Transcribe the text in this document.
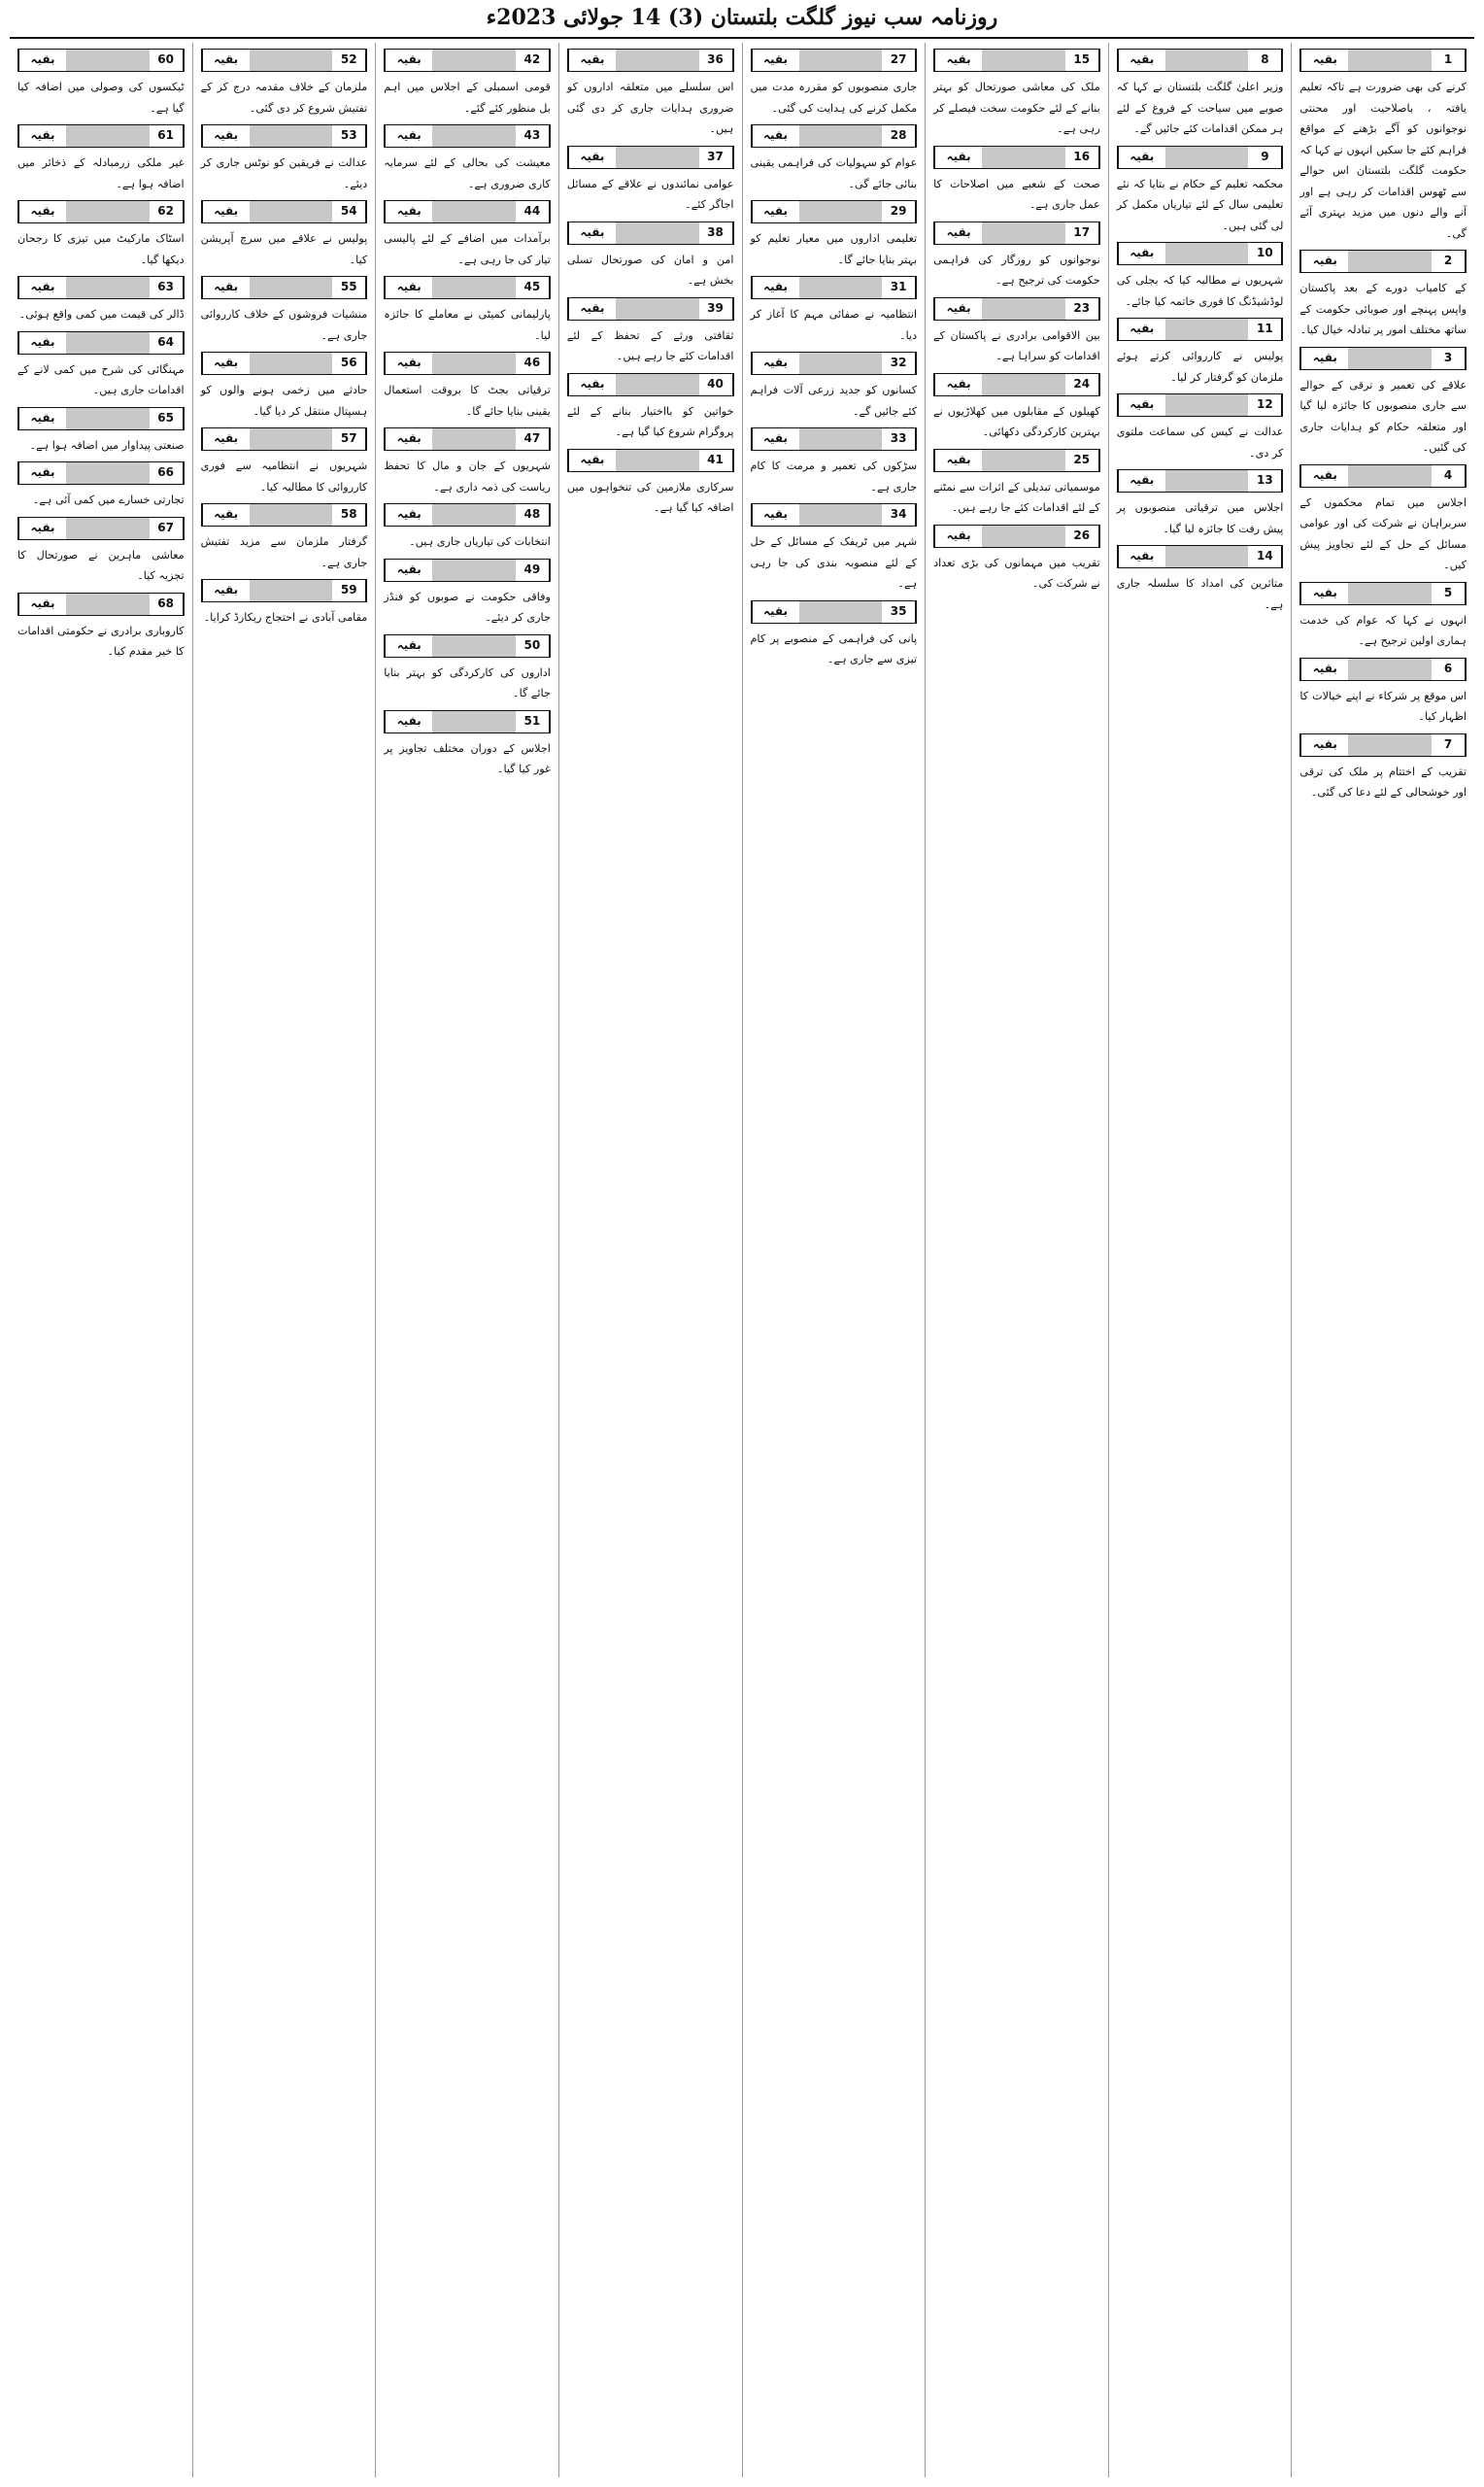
روزنامہ سب نیوز گلگت بلتستان (3) 14 جولائی 2023ء
بقیہ	1
کرنے کی بھی ضرورت ہے تاکہ تعلیم یافتہ ، باصلاحیت اور محنتی نوجوانوں کو آگے بڑھنے کے مواقع فراہم کئے جا سکیں انہوں نے کہا کہ حکومت گلگت بلتستان اس حوالے سے ٹھوس اقدامات کر رہی ہے اور آنے والے دنوں میں مزید بہتری آئے گی۔
بقیہ	2
کے کامیاب دورے کے بعد پاکستان واپس پہنچے اور صوبائی حکومت کے ساتھ مختلف امور پر تبادلہ خیال کیا۔
بقیہ	3
علاقے کی تعمیر و ترقی کے حوالے سے جاری منصوبوں کا جائزہ لیا گیا اور متعلقہ حکام کو ہدایات جاری کی گئیں۔
بقیہ	4
اجلاس میں تمام محکموں کے سربراہان نے شرکت کی اور عوامی مسائل کے حل کے لئے تجاویز پیش کیں۔
بقیہ	5
انہوں نے کہا کہ عوام کی خدمت ہماری اولین ترجیح ہے۔
بقیہ	6
اس موقع پر شرکاء نے اپنے خیالات کا اظہار کیا۔
بقیہ	7
تقریب کے اختتام پر ملک کی ترقی اور خوشحالی کے لئے دعا کی گئی۔
بقیہ	8
وزیر اعلیٰ گلگت بلتستان نے کہا کہ صوبے میں سیاحت کے فروغ کے لئے ہر ممکن اقدامات کئے جائیں گے۔
بقیہ	9
محکمہ تعلیم کے حکام نے بتایا کہ نئے تعلیمی سال کے لئے تیاریاں مکمل کر لی گئی ہیں۔
بقیہ	10
شہریوں نے مطالبہ کیا کہ بجلی کی لوڈشیڈنگ کا فوری خاتمہ کیا جائے۔
بقیہ	11
پولیس نے کارروائی کرتے ہوئے ملزمان کو گرفتار کر لیا۔
بقیہ	12
عدالت نے کیس کی سماعت ملتوی کر دی۔
بقیہ	13
اجلاس میں ترقیاتی منصوبوں پر پیش رفت کا جائزہ لیا گیا۔
بقیہ	14
متاثرین کی امداد کا سلسلہ جاری ہے۔
بقیہ	15
ملک کی معاشی صورتحال کو بہتر بنانے کے لئے حکومت سخت فیصلے کر رہی ہے۔
بقیہ	16
صحت کے شعبے میں اصلاحات کا عمل جاری ہے۔
بقیہ	17
نوجوانوں کو روزگار کی فراہمی حکومت کی ترجیح ہے۔
بقیہ	23
بین الاقوامی برادری نے پاکستان کے اقدامات کو سراہا ہے۔
بقیہ	24
کھیلوں کے مقابلوں میں کھلاڑیوں نے بہترین کارکردگی دکھائی۔
بقیہ	25
موسمیاتی تبدیلی کے اثرات سے نمٹنے کے لئے اقدامات کئے جا رہے ہیں۔
بقیہ	26
تقریب میں مہمانوں کی بڑی تعداد نے شرکت کی۔
بقیہ	27
جاری منصوبوں کو مقررہ مدت میں مکمل کرنے کی ہدایت کی گئی۔
بقیہ	28
عوام کو سہولیات کی فراہمی یقینی بنائی جائے گی۔
بقیہ	29
تعلیمی اداروں میں معیار تعلیم کو بہتر بنایا جائے گا۔
بقیہ	31
انتظامیہ نے صفائی مہم کا آغاز کر دیا۔
بقیہ	32
کسانوں کو جدید زرعی آلات فراہم کئے جائیں گے۔
بقیہ	33
سڑکوں کی تعمیر و مرمت کا کام جاری ہے۔
بقیہ	34
شہر میں ٹریفک کے مسائل کے حل کے لئے منصوبہ بندی کی جا رہی ہے۔
بقیہ	35
پانی کی فراہمی کے منصوبے پر کام تیزی سے جاری ہے۔
بقیہ	36
اس سلسلے میں متعلقہ اداروں کو ضروری ہدایات جاری کر دی گئی ہیں۔
بقیہ	37
عوامی نمائندوں نے علاقے کے مسائل اجاگر کئے۔
بقیہ	38
امن و امان کی صورتحال تسلی بخش ہے۔
بقیہ	39
ثقافتی ورثے کے تحفظ کے لئے اقدامات کئے جا رہے ہیں۔
بقیہ	40
خواتین کو بااختیار بنانے کے لئے پروگرام شروع کیا گیا ہے۔
بقیہ	41
سرکاری ملازمین کی تنخواہوں میں اضافہ کیا گیا ہے۔
بقیہ	42
قومی اسمبلی کے اجلاس میں اہم بل منظور کئے گئے۔
بقیہ	43
معیشت کی بحالی کے لئے سرمایہ کاری ضروری ہے۔
بقیہ	44
برآمدات میں اضافے کے لئے پالیسی تیار کی جا رہی ہے۔
بقیہ	45
پارلیمانی کمیٹی نے معاملے کا جائزہ لیا۔
بقیہ	46
ترقیاتی بجٹ کا بروقت استعمال یقینی بنایا جائے گا۔
بقیہ	47
شہریوں کے جان و مال کا تحفظ ریاست کی ذمہ داری ہے۔
بقیہ	48
انتخابات کی تیاریاں جاری ہیں۔
بقیہ	49
وفاقی حکومت نے صوبوں کو فنڈز جاری کر دیئے۔
بقیہ	50
اداروں کی کارکردگی کو بہتر بنایا جائے گا۔
بقیہ	51
اجلاس کے دوران مختلف تجاویز پر غور کیا گیا۔
بقیہ	52
ملزمان کے خلاف مقدمہ درج کر کے تفتیش شروع کر دی گئی۔
بقیہ	53
عدالت نے فریقین کو نوٹس جاری کر دیئے۔
بقیہ	54
پولیس نے علاقے میں سرچ آپریشن کیا۔
بقیہ	55
منشیات فروشوں کے خلاف کارروائی جاری ہے۔
بقیہ	56
حادثے میں زخمی ہونے والوں کو ہسپتال منتقل کر دیا گیا۔
بقیہ	57
شہریوں نے انتظامیہ سے فوری کارروائی کا مطالبہ کیا۔
بقیہ	58
گرفتار ملزمان سے مزید تفتیش جاری ہے۔
بقیہ	59
مقامی آبادی نے احتجاج ریکارڈ کرایا۔
بقیہ	60
ٹیکسوں کی وصولی میں اضافہ کیا گیا ہے۔
بقیہ	61
غیر ملکی زرمبادلہ کے ذخائر میں اضافہ ہوا ہے۔
بقیہ	62
اسٹاک مارکیٹ میں تیزی کا رجحان دیکھا گیا۔
بقیہ	63
ڈالر کی قیمت میں کمی واقع ہوئی۔
بقیہ	64
مہنگائی کی شرح میں کمی لانے کے اقدامات جاری ہیں۔
بقیہ	65
صنعتی پیداوار میں اضافہ ہوا ہے۔
بقیہ	66
تجارتی خسارے میں کمی آئی ہے۔
بقیہ	67
معاشی ماہرین نے صورتحال کا تجزیہ کیا۔
بقیہ	68
کاروباری برادری نے حکومتی اقدامات کا خیر مقدم کیا۔
